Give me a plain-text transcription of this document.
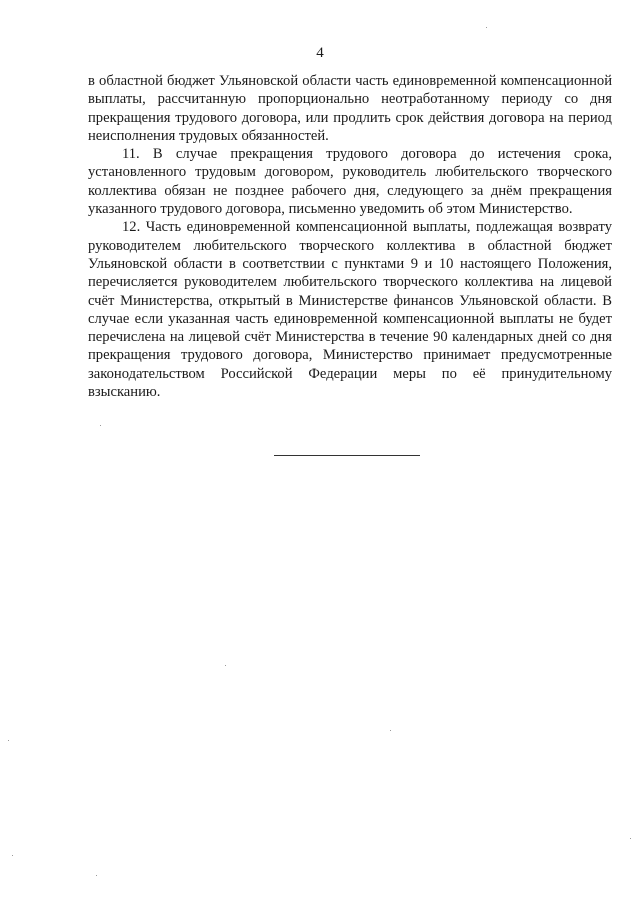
4

в областной бюджет Ульяновской области часть единовременной компенсационной выплаты, рассчитанную пропорционально неотработанному периоду со дня прекращения трудового договора, или продлить срок действия договора на период неисполнения трудовых обязанностей.

11. В случае прекращения трудового договора до истечения срока, установленного трудовым договором, руководитель любительского творческого коллектива обязан не позднее рабочего дня, следующего за днём прекращения указанного трудового договора, письменно уведомить об этом Министерство.

12. Часть единовременной компенсационной выплаты, подлежащая возврату руководителем любительского творческого коллектива в областной бюджет Ульяновской области в соответствии с пунктами 9 и 10 настоящего Положения, перечисляется руководителем любительского творческого коллектива на лицевой счёт Министерства, открытый в Министерстве финансов Ульяновской области. В случае если указанная часть единовременной компенсационной выплаты не будет перечислена на лицевой счёт Министерства в течение 90 календарных дней со дня прекращения трудового договора, Министерство принимает предусмотренные законодательством Российской Федерации меры по её принудительному взысканию.
